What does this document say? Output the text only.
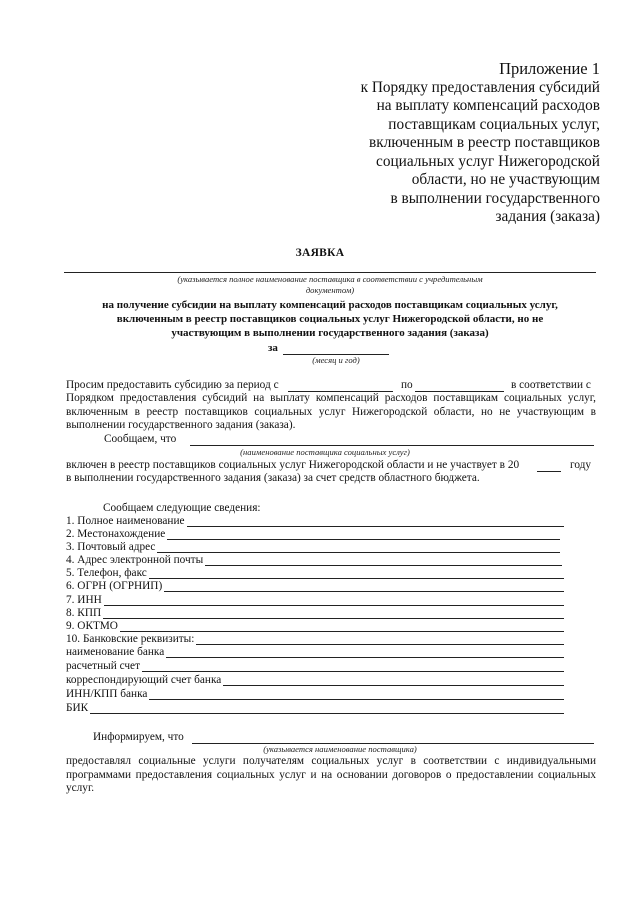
Приложение 1
к Порядку предоставления субсидий
на выплату компенсаций расходов
поставщикам социальных услуг,
включенным в реестр поставщиков
социальных услуг Нижегородской
области, но не участвующим
в выполнении государственного
задания (заказа)
ЗАЯВКА
(указывается полное наименование поставщика в соответствии с учредительным документом)
на получение субсидии на выплату компенсаций расходов поставщикам социальных услуг,
включенным в реестр поставщиков социальных услуг Нижегородской области, но не
участвующим в выполнении государственного задания (заказа)
за
(месяц и год)
Просим предоставить субсидию за период с	по	в соответствии с
Порядком предоставления субсидий на выплату компенсаций расходов поставщикам социальных услуг, включенным в реестр поставщиков социальных услуг Нижегородской области, но не участвующим в выполнении государственного задания (заказа).
Сообщаем, что
(наименование поставщика социальных услуг)
включен в реестр поставщиков социальных услуг Нижегородской области и не участвует в 20	году
в выполнении государственного задания (заказа) за счет средств областного бюджета.
Сообщаем следующие сведения:
1. Полное наименование
2. Местонахождение
3. Почтовый адрес
4. Адрес электронной почты
5. Телефон, факс
6. ОГРН (ОГРНИП)
7. ИНН
8. КПП
9. ОКТМО
10. Банковские реквизиты:
наименование банка
расчетный счет
корреспондирующий счет банка
ИНН/КПП банка
БИК
Информируем, что
(указывается наименование поставщика)
предоставлял социальные услуги получателям социальных услуг в соответствии с индивидуальными программами предоставления социальных услуг и на основании договоров о предоставлении социальных услуг.
